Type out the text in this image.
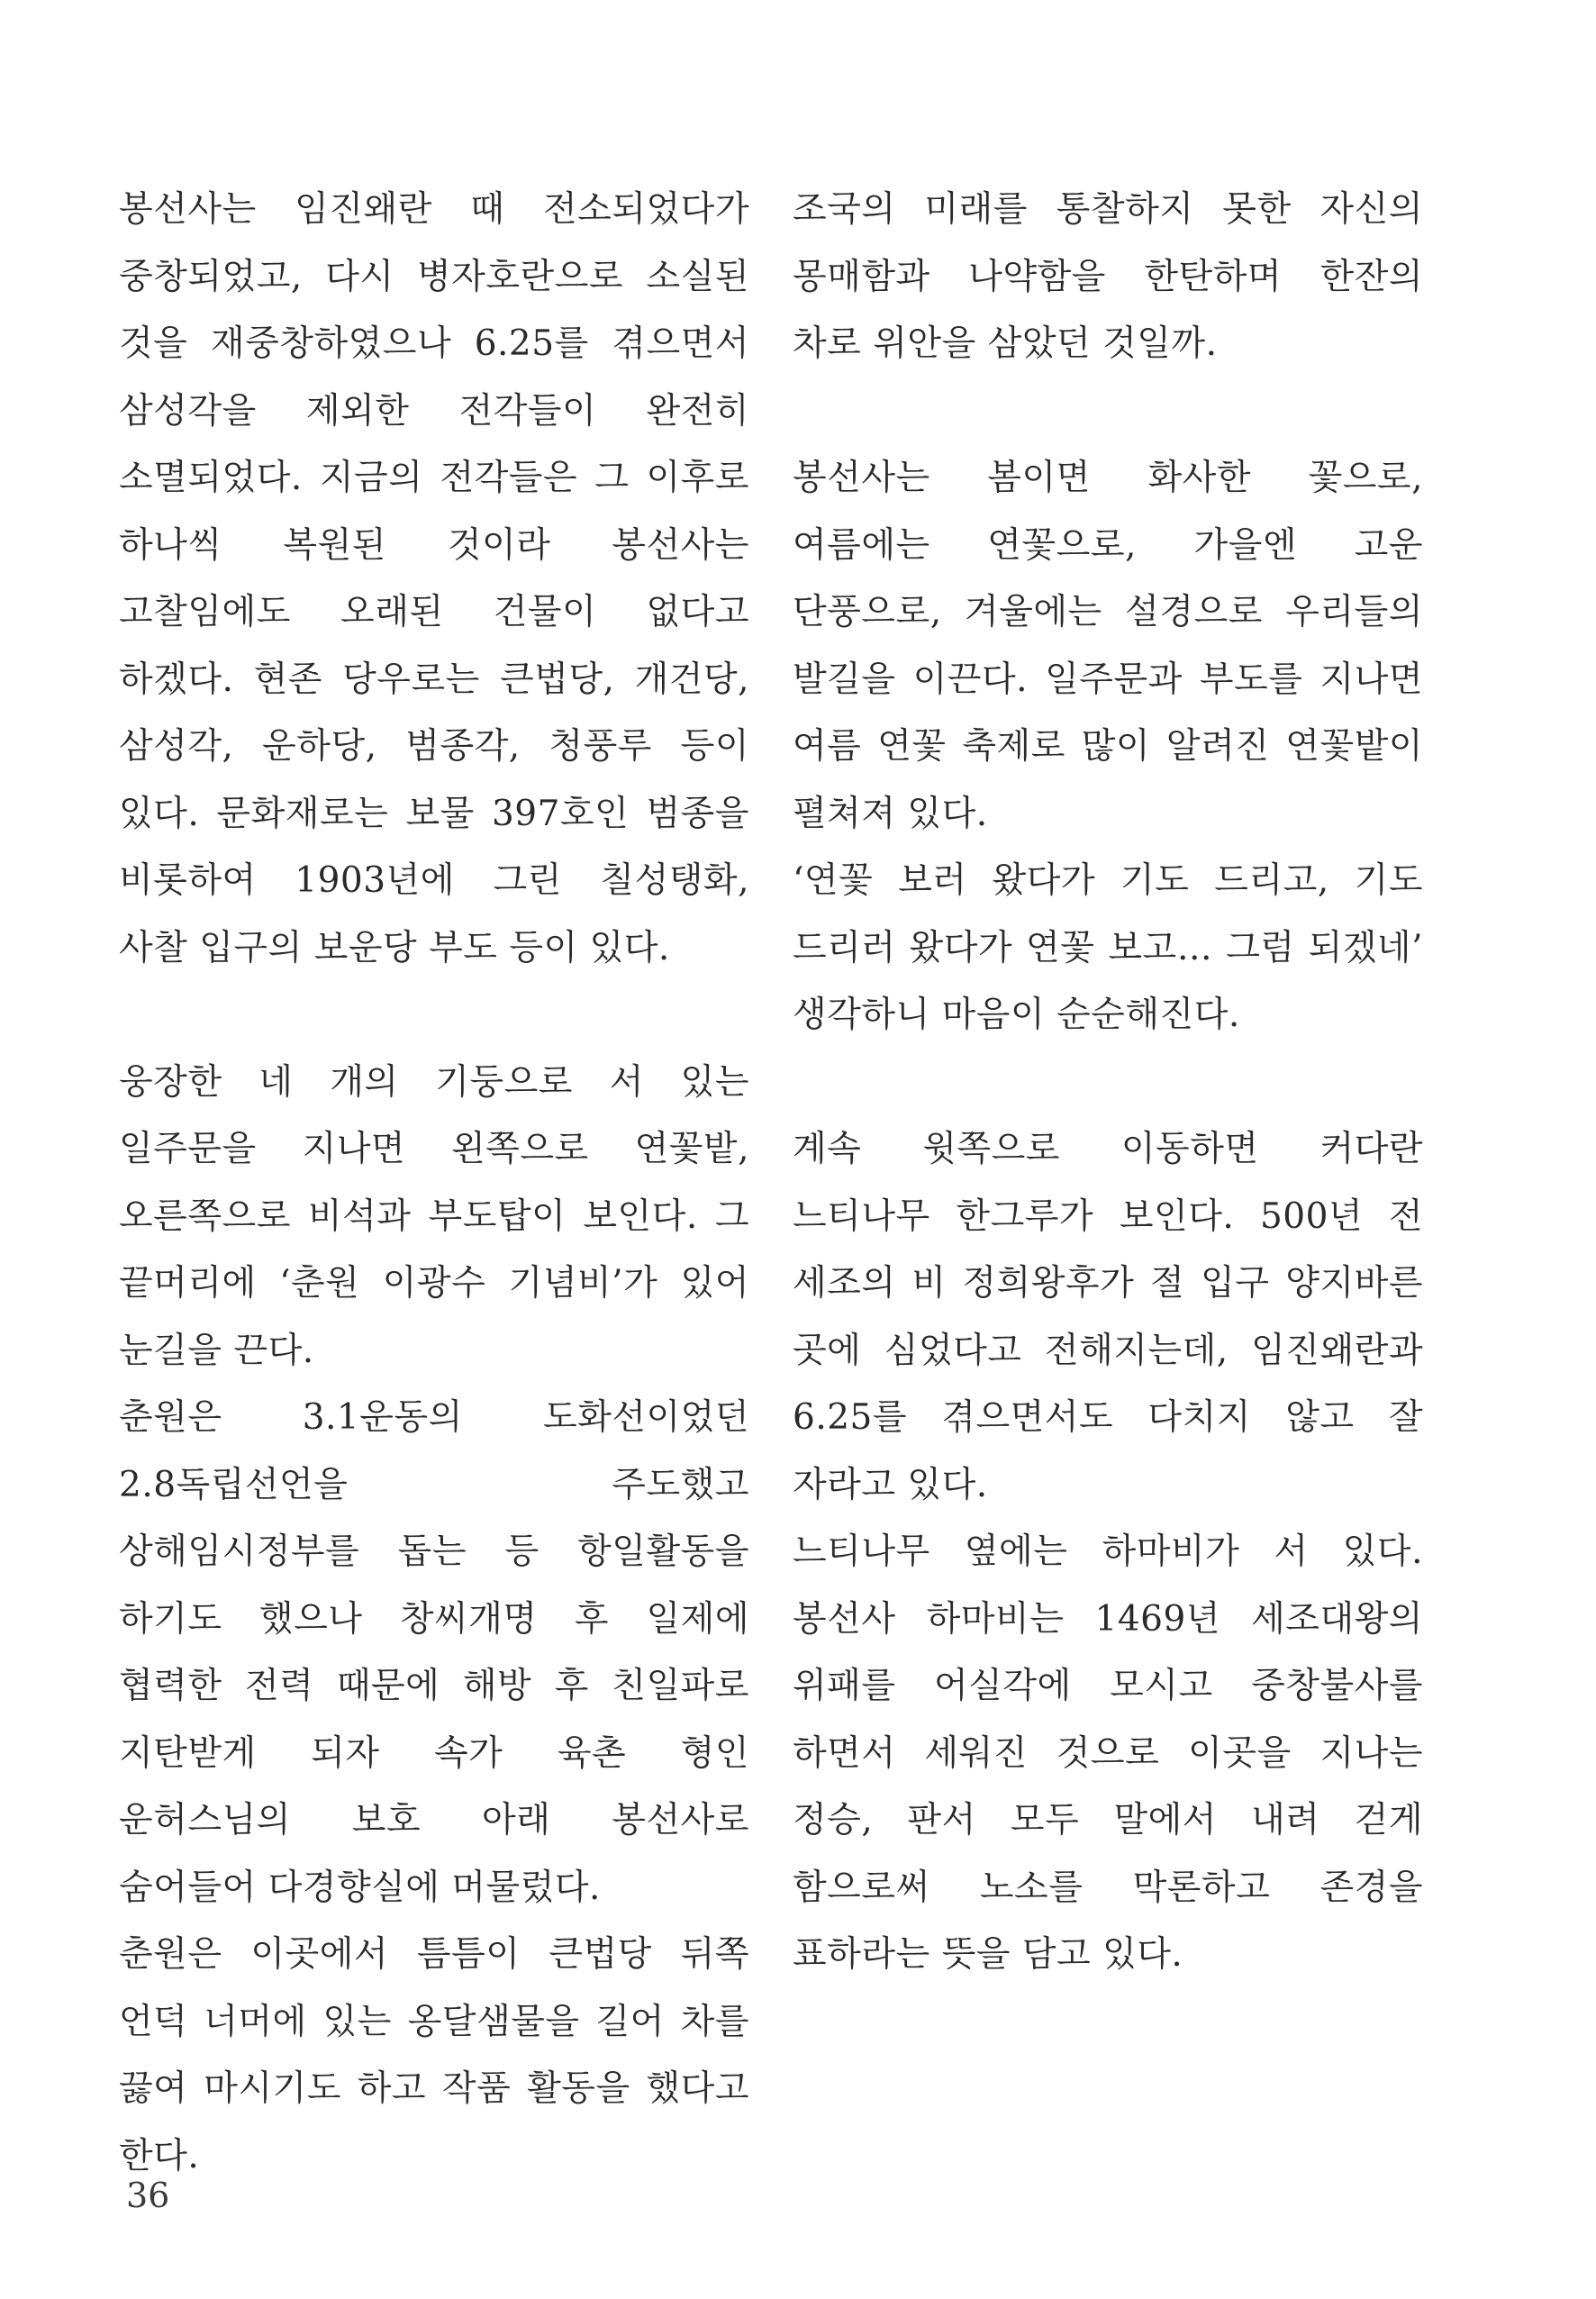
봉선사는 임진왜란 때 전소되었다가 중창되었고, 다시 병자호란으로 소실된 것을 재중창하였으나 6.25를 겪으면서 삼성각을 제외한 전각들이 완전히 소멸되었다. 지금의 전각들은 그 이후로 하나씩 복원된 것이라 봉선사는 고찰임에도 오래된 건물이 없다고 하겠다. 현존 당우로는 큰법당, 개건당, 삼성각, 운하당, 범종각, 청풍루 등이 있다. 문화재로는 보물 397호인 범종을 비롯하여 1903년에 그린 칠성탱화, 사찰 입구의 보운당 부도 등이 있다.

웅장한 네 개의 기둥으로 서 있는 일주문을 지나면 왼쪽으로 연꽃밭, 오른쪽으로 비석과 부도탑이 보인다. 그 끝머리에 ‘춘원 이광수 기념비’가 있어 눈길을 끈다.

춘원은 3.1운동의 도화선이었던 2.8독립선언을 주도했고 상해임시정부를 돕는 등 항일활동을 하기도 했으나 창씨개명 후 일제에 협력한 전력 때문에 해방 후 친일파로 지탄받게 되자 속가 육촌 형인 운허스님의 보호 아래 봉선사로 숨어들어 다경향실에 머물렀다.

춘원은 이곳에서 틈틈이 큰법당 뒤쪽 언덕 너머에 있는 옹달샘물을 길어 차를 끓여 마시기도 하고 작품 활동을 했다고 한다.

조국의 미래를 통찰하지 못한 자신의 몽매함과 나약함을 한탄하며 한잔의 차로 위안을 삼았던 것일까.

봉선사는 봄이면 화사한 꽃으로, 여름에는 연꽃으로, 가을엔 고운 단풍으로, 겨울에는 설경으로 우리들의 발길을 이끈다. 일주문과 부도를 지나면 여름 연꽃 축제로 많이 알려진 연꽃밭이 펼쳐져 있다.

‘연꽃 보러 왔다가 기도 드리고, 기도 드리러 왔다가 연꽃 보고… 그럼 되겠네’ 생각하니 마음이 순순해진다.

계속 윗쪽으로 이동하면 커다란 느티나무 한그루가 보인다. 500년 전 세조의 비 정희왕후가 절 입구 양지바른 곳에 심었다고 전해지는데, 임진왜란과 6.25를 겪으면서도 다치지 않고 잘 자라고 있다.

느티나무 옆에는 하마비가 서 있다. 봉선사 하마비는 1469년 세조대왕의 위패를 어실각에 모시고 중창불사를 하면서 세워진 것으로 이곳을 지나는 정승, 판서 모두 말에서 내려 걷게 함으로써 노소를 막론하고 존경을 표하라는 뜻을 담고 있다.

36
